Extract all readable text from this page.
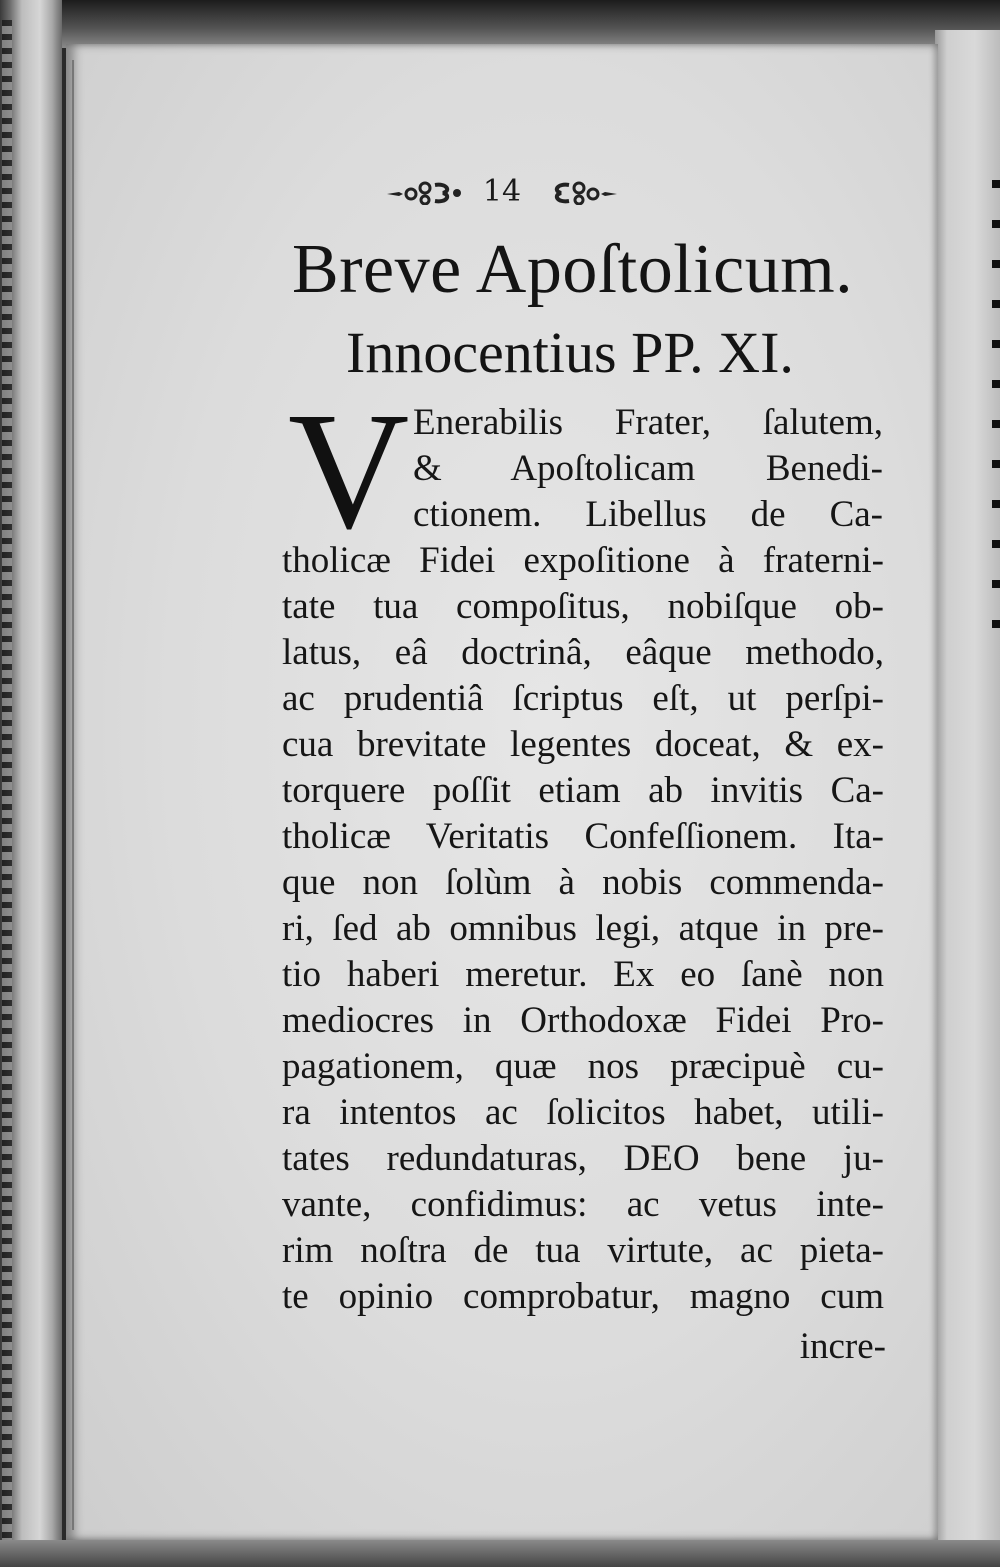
14
Breve Apoſtolicum.
Innocentius PP. XI.
V Enerabilis Frater, ſalutem,
& Apoſtolicam Benedi-
ctionem. Libellus de Ca-
tholicæ Fidei expoſitione à fraterni-
tate tua compoſitus, nobiſque ob-
latus, eâ doctrinâ, eâque methodo,
ac prudentiâ ſcriptus eſt, ut perſpi-
cua brevitate legentes doceat, & ex-
torquere poſſit etiam ab invitis Ca-
tholicæ Veritatis Confeſſionem. Ita-
que non ſolùm à nobis commenda-
ri, ſed ab omnibus legi, atque in pre-
tio haberi meretur. Ex eo ſanè non
mediocres in Orthodoxæ Fidei Pro-
pagationem, quæ nos præcipuè cu-
ra intentos ac ſolicitos habet, utili-
tates redundaturas, DEO bene ju-
vante, confidimus: ac vetus inte-
rim noſtra de tua virtute, ac pieta-
te opinio comprobatur, magno cum
incre-
